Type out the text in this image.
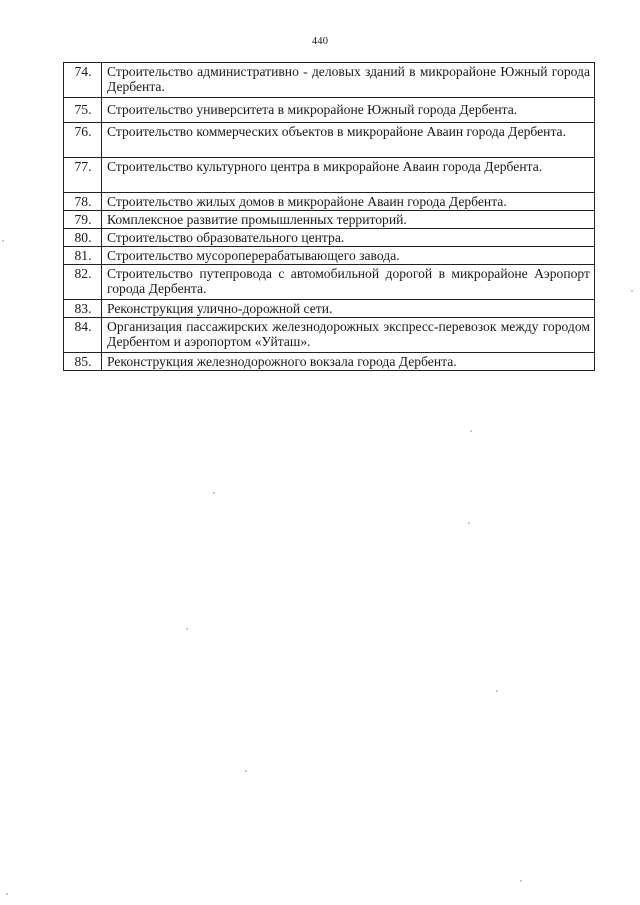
440
74.	Строительство административно - деловых зданий в микрорайоне Южный города Дербента.
75.	Строительство университета в микрорайоне Южный города Дербента.
76.	Строительство коммерческих объектов в микрорайоне Аваин города Дербента.
77.	Строительство культурного центра в микрорайоне Аваин города Дербента.
78.	Строительство жилых домов в микрорайоне Аваин города Дербента.
79.	Комплексное развитие промышленных территорий.
80.	Строительство образовательного центра.
81.	Строительство мусороперерабатывающего завода.
82.	Строительство путепровода с автомобильной дорогой в микрорайоне Аэропорт города Дербента.
83.	Реконструкция улично-дорожной сети.
84.	Организация пассажирских железнодорожных экспресс-перевозок между городом Дербентом и аэропортом «Уйташ».
85.	Реконструкция железнодорожного вокзала города Дербента.
